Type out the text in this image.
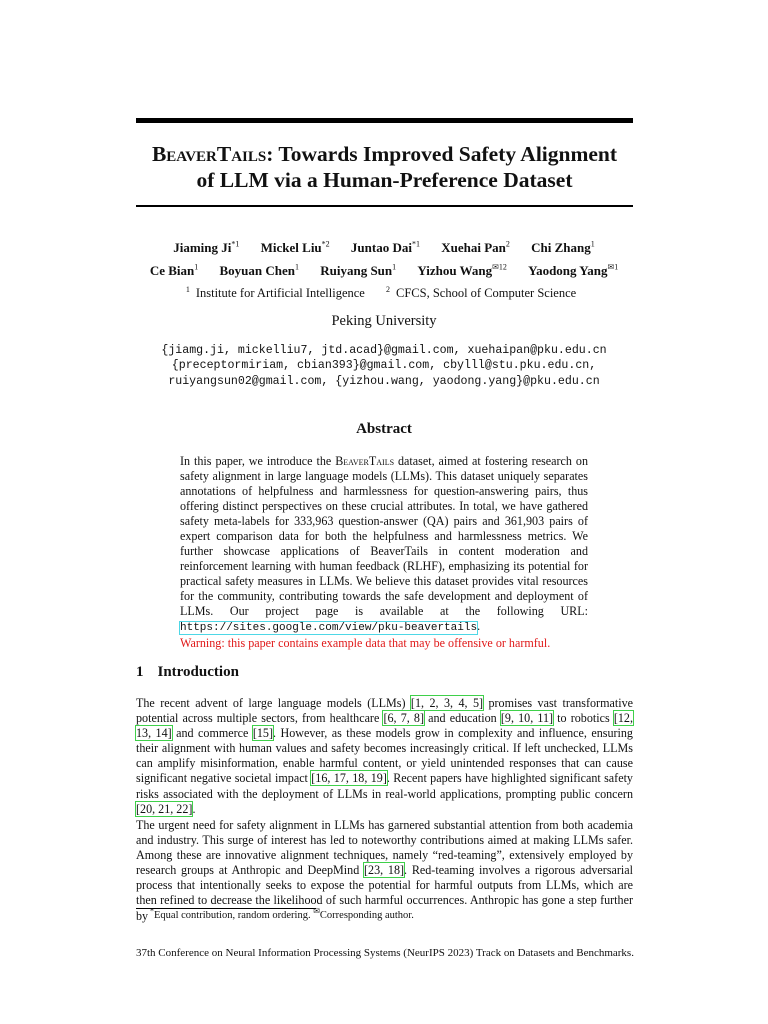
BeaverTails: Towards Improved Safety Alignment
of LLM via a Human-Preference Dataset
Jiaming Ji$^{*1}$ Mickel Liu$^{*2}$ Juntao Dai$^{*1}$ Xuehai Pan$^2$ Chi Zhang$^1$
Ce Bian$^1$ Boyuan Chen$^1$ Ruiyang Sun$^1$ Yizhou Wang$^{✉12}$ Yaodong Yang$^{✉1}$
$^1$ Institute for Artificial Intelligence	$^2$ CFCS, School of Computer Science
Peking University
{jiamg.ji, mickelliu7, jtd.acad}@gmail.com, xuehaipan@pku.edu.cn
{preceptormiriam, cbian393}@gmail.com, cbylll@stu.pku.edu.cn,
ruiyangsun02@gmail.com, {yizhou.wang, yaodong.yang}@pku.edu.cn
Abstract
In this paper, we introduce the BeaverTails dataset, aimed at fostering research on safety alignment in large language models (LLMs). This dataset uniquely separates annotations of helpfulness and harmlessness for question-answering pairs, thus offering distinct perspectives on these crucial attributes. In total, we have gathered safety meta-labels for 333,963 question-answer (QA) pairs and 361,903 pairs of expert comparison data for both the helpfulness and harmlessness metrics. We further showcase applications of BeaverTails in content moderation and reinforcement learning with human feedback (RLHF), emphasizing its potential for practical safety measures in LLMs. We believe this dataset provides vital resources for the community, contributing towards the safe development and deployment of LLMs. Our project page is available at the following URL: https://sites.google.com/view/pku-beavertails.
Warning: this paper contains example data that may be offensive or harmful.
1 Introduction
The recent advent of large language models (LLMs) [1, 2, 3, 4, 5] promises vast transformative potential across multiple sectors, from healthcare [6, 7, 8] and education [9, 10, 11] to robotics [12, 13, 14] and commerce [15]. However, as these models grow in complexity and influence, ensuring their alignment with human values and safety becomes increasingly critical. If left unchecked, LLMs can amplify misinformation, enable harmful content, or yield unintended responses that can cause significant negative societal impact [16, 17, 18, 19]. Recent papers have highlighted significant safety risks associated with the deployment of LLMs in real-world applications, prompting public concern [20, 21, 22].
The urgent need for safety alignment in LLMs has garnered substantial attention from both academia and industry. This surge of interest has led to noteworthy contributions aimed at making LLMs safer. Among these are innovative alignment techniques, namely “red-teaming”, extensively employed by research groups at Anthropic and DeepMind [23, 18]. Red-teaming involves a rigorous adversarial process that intentionally seeks to expose the potential for harmful outputs from LLMs, which are then refined to decrease the likelihood of such harmful occurrences. Anthropic has gone a step further by *Equal contribution, random ordering. ✉Corresponding author.
37th Conference on Neural Information Processing Systems (NeurIPS 2023) Track on Datasets and Benchmarks.
